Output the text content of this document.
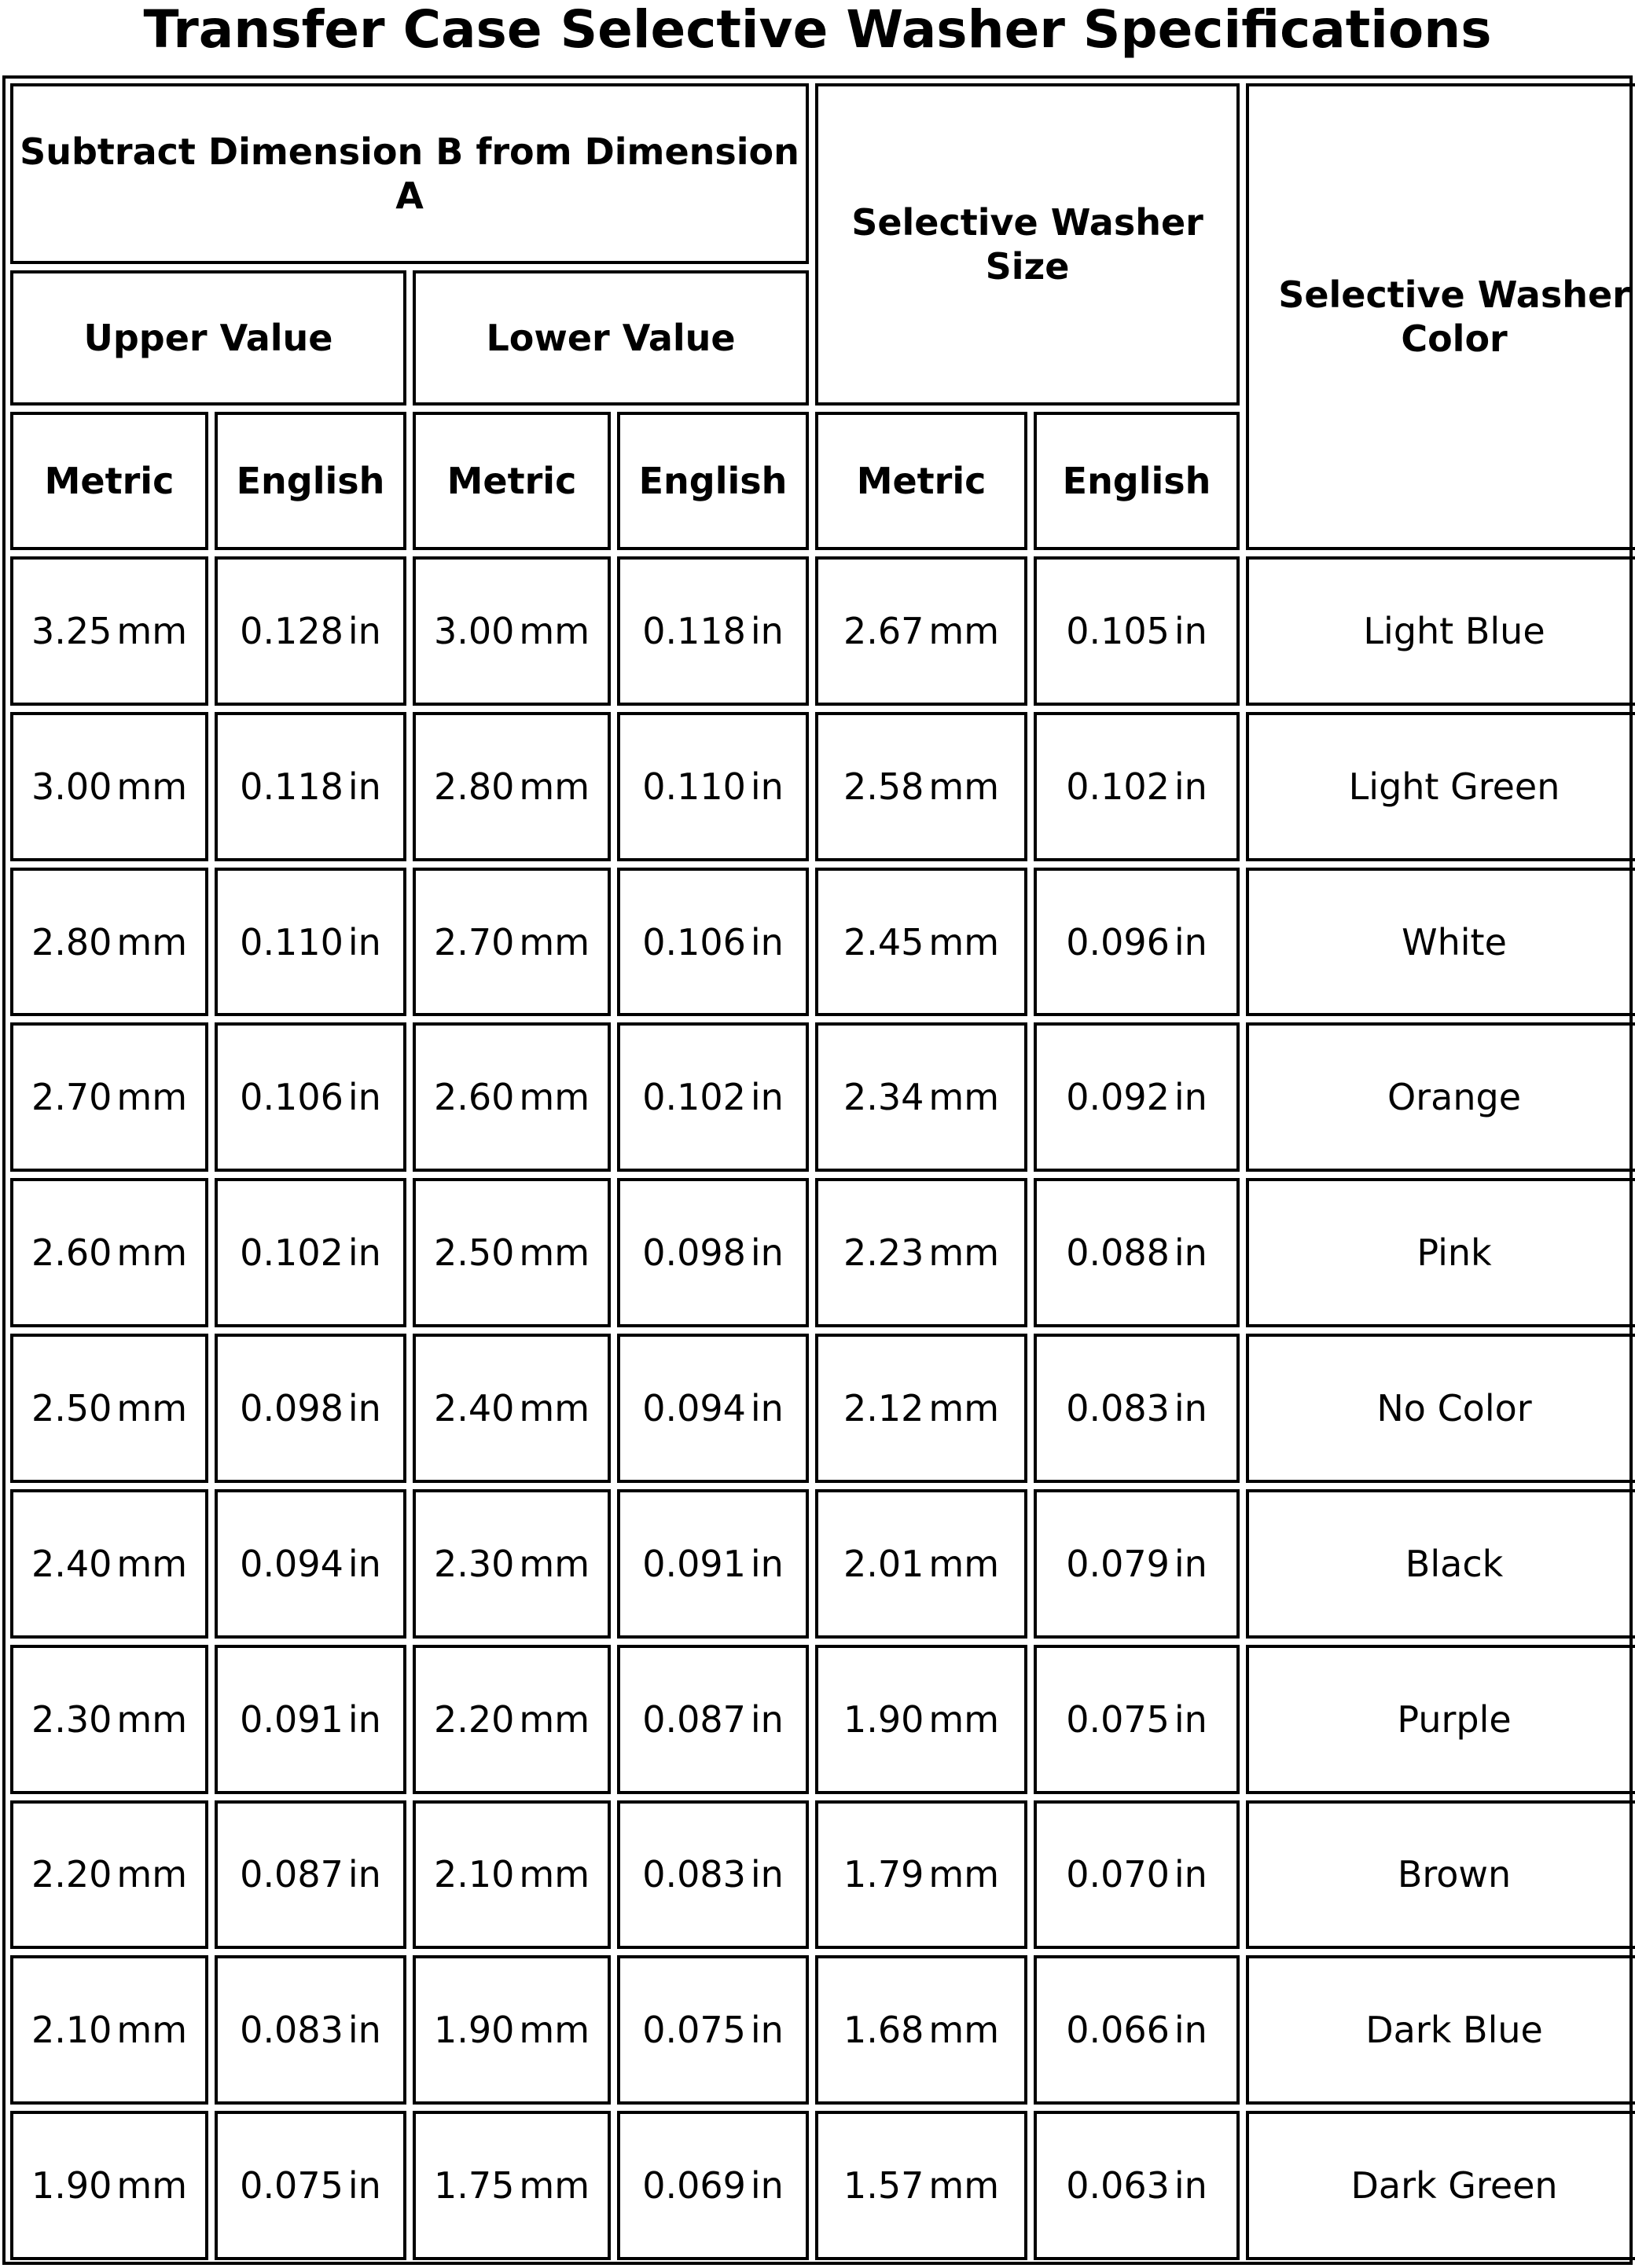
Transfer Case Selective Washer Specifications
Subtract Dimension B from Dimension A				Selective Washer Size		Selective Washer Color
Upper Value		Lower Value				
Metric	English	Metric	English	Metric	English	
3.25 mm	0.128 in	3.00 mm	0.118 in	2.67 mm	0.105 in	Light Blue
3.00 mm	0.118 in	2.80 mm	0.110 in	2.58 mm	0.102 in	Light Green
2.80 mm	0.110 in	2.70 mm	0.106 in	2.45 mm	0.096 in	White
2.70 mm	0.106 in	2.60 mm	0.102 in	2.34 mm	0.092 in	Orange
2.60 mm	0.102 in	2.50 mm	0.098 in	2.23 mm	0.088 in	Pink
2.50 mm	0.098 in	2.40 mm	0.094 in	2.12 mm	0.083 in	No Color
2.40 mm	0.094 in	2.30 mm	0.091 in	2.01 mm	0.079 in	Black
2.30 mm	0.091 in	2.20 mm	0.087 in	1.90 mm	0.075 in	Purple
2.20 mm	0.087 in	2.10 mm	0.083 in	1.79 mm	0.070 in	Brown
2.10 mm	0.083 in	1.90 mm	0.075 in	1.68 mm	0.066 in	Dark Blue
1.90 mm	0.075 in	1.75 mm	0.069 in	1.57 mm	0.063 in	Dark Green
